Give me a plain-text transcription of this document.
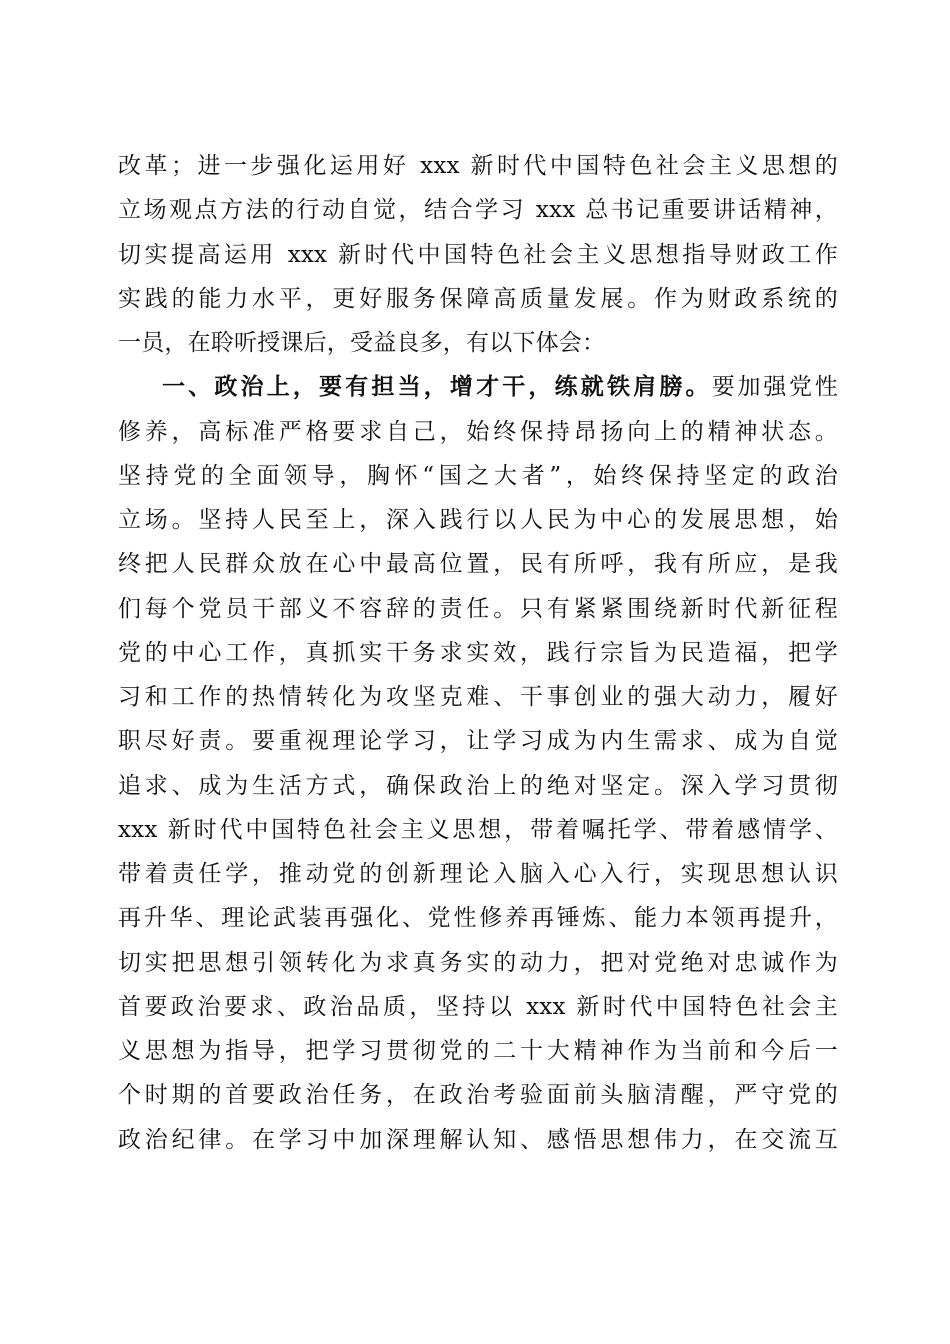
改革；进一步强化运用好 xxx 新时代中国特色社会主义思想的
立场观点方法的行动自觉，结合学习 xxx 总书记重要讲话精神，
切实提高运用 xxx 新时代中国特色社会主义思想指导财政工作
实践的能力水平，更好服务保障高质量发展。作为财政系统的
一员，在聆听授课后，受益良多，有以下体会：
一、政治上，要有担当，增才干，练就铁肩膀。要加强党性
修养，高标准严格要求自己，始终保持昂扬向上的精神状态。
坚持党的全面领导，胸怀“国之大者”，始终保持坚定的政治
立场。坚持人民至上，深入践行以人民为中心的发展思想，始
终把人民群众放在心中最高位置，民有所呼，我有所应，是我
们每个党员干部义不容辞的责任。只有紧紧围绕新时代新征程
党的中心工作，真抓实干务求实效，践行宗旨为民造福，把学
习和工作的热情转化为攻坚克难、干事创业的强大动力，履好
职尽好责。要重视理论学习，让学习成为内生需求、成为自觉
追求、成为生活方式，确保政治上的绝对坚定。深入学习贯彻
xxx 新时代中国特色社会主义思想，带着嘱托学、带着感情学、
带着责任学，推动党的创新理论入脑入心入行，实现思想认识
再升华、理论武装再强化、党性修养再锤炼、能力本领再提升，
切实把思想引领转化为求真务实的动力，把对党绝对忠诚作为
首要政治要求、政治品质，坚持以 xxx 新时代中国特色社会主
义思想为指导，把学习贯彻党的二十大精神作为当前和今后一
个时期的首要政治任务，在政治考验面前头脑清醒，严守党的
政治纪律。在学习中加深理解认知、感悟思想伟力，在交流互
